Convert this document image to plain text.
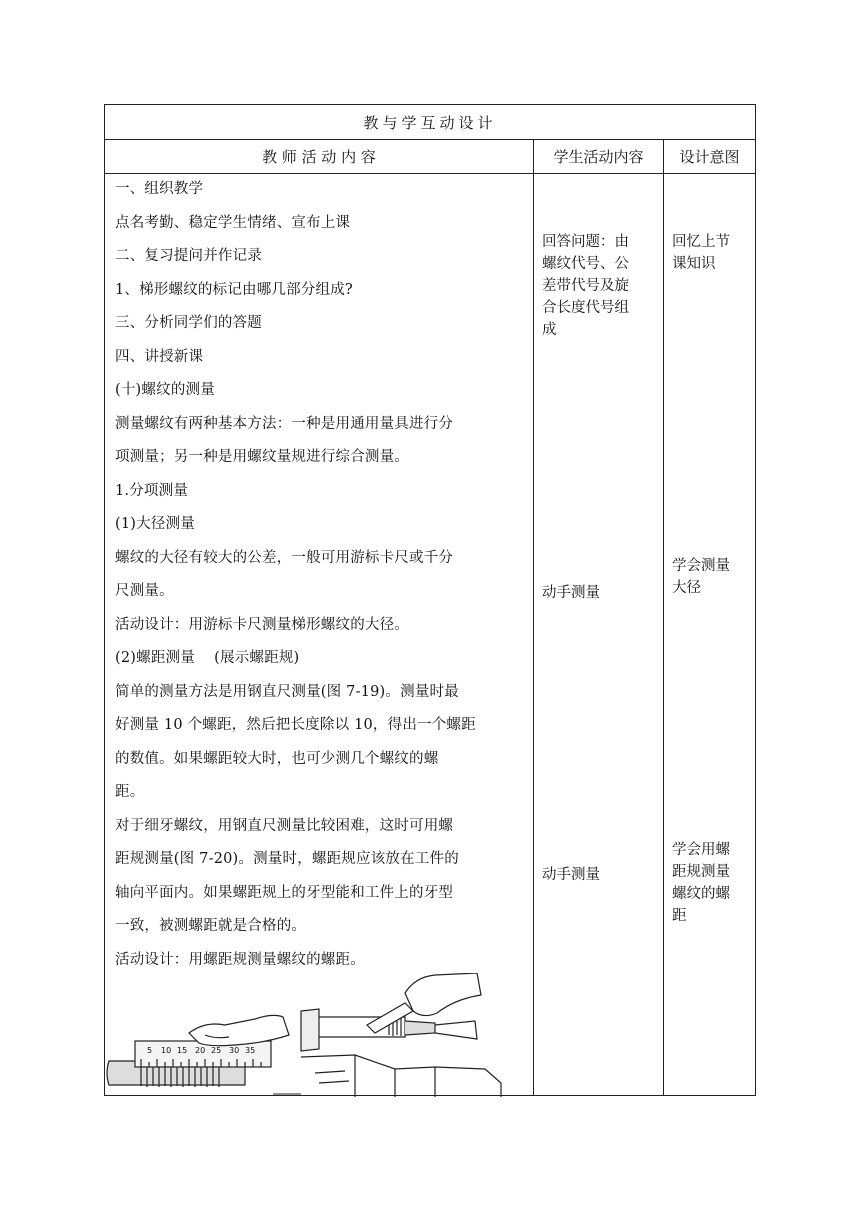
教与学互动设计
教 师 活 动 内 容	学生活动内容	设计意图

一、组织教学

点名考勤、稳定学生情绪、宣布上课

二、复习提问并作记录

1、梯形螺纹的标记由哪几部分组成?

三、分析同学们的答题

四、讲授新课

(十)螺纹的测量

测量螺纹有两种基本方法：一种是用通用量具进行分

项测量；另一种是用螺纹量规进行综合测量。

1.分项测量

(1)大径测量

螺纹的大径有较大的公差，一般可用游标卡尺或千分

尺测量。

活动设计：用游标卡尺测量梯形螺纹的大径。

(2)螺距测量    (展示螺距规)

简单的测量方法是用钢直尺测量(图 7-19)。测量时最

好测量 10 个螺距，然后把长度除以 10，得出一个螺距

的数值。如果螺距较大时，也可少测几个螺纹的螺

距。

对于细牙螺纹，用钢直尺测量比较困难，这时可用螺

距规测量(图 7-20)。测量时，螺距规应该放在工件的

轴向平面内。如果螺距规上的牙型能和工件上的牙型

一致，被测螺距就是合格的。

活动设计：用螺距规测量螺纹的螺距。

回答问题：由
螺纹代号、公
差带代号及旋
合长度代号组
成
动手测量
动手测量
回忆上节
课知识
学会测量
大径
学会用螺
距规测量
螺纹的螺
距
5 10 15 20 25 30 35
